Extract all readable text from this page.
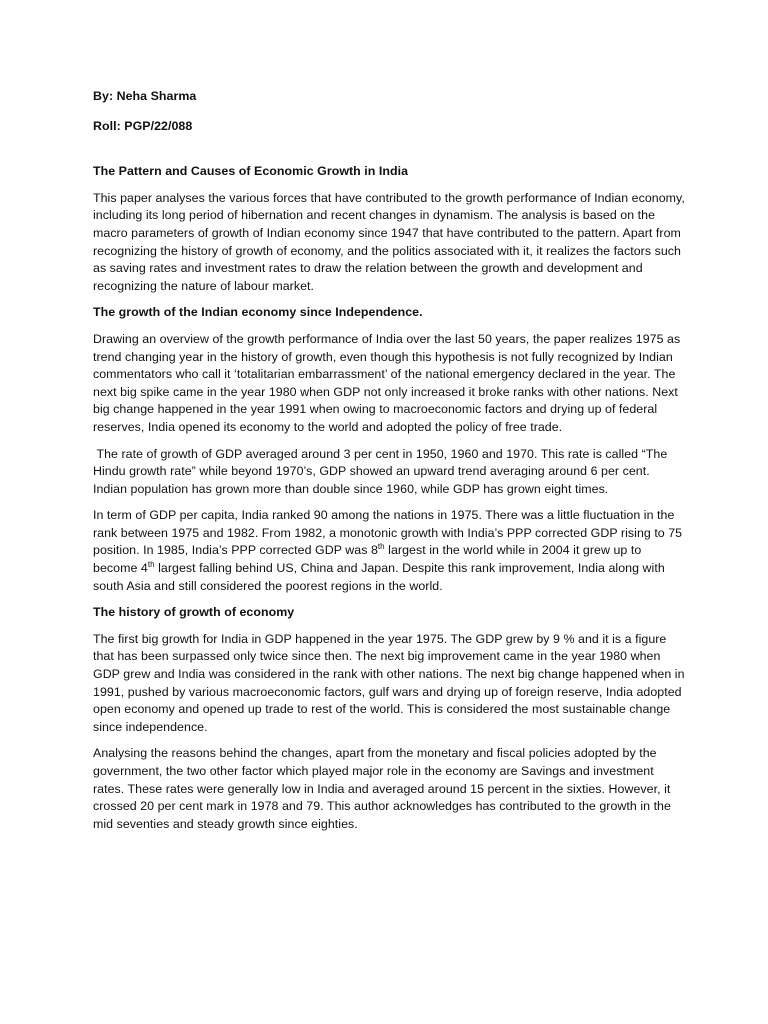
By: Neha Sharma
Roll: PGP/22/088
The Pattern and Causes of Economic Growth in India

This paper analyses the various forces that have contributed to the growth performance of Indian economy, including its long period of hibernation and recent changes in dynamism. The analysis is based on the macro parameters of growth of Indian economy since 1947 that have contributed to the pattern. Apart from recognizing the history of growth of economy, and the politics associated with it, it realizes the factors such as saving rates and investment rates to draw the relation between the growth and development and recognizing the nature of labour market.

The growth of the Indian economy since Independence.

Drawing an overview of the growth performance of India over the last 50 years, the paper realizes 1975 as trend changing year in the history of growth, even though this hypothesis is not fully recognized by Indian commentators who call it ‘totalitarian embarrassment’ of the national emergency declared in the year. The next big spike came in the year 1980 when GDP not only increased it broke ranks with other nations. Next big change happened in the year 1991 when owing to macroeconomic factors and drying up of federal reserves, India opened its economy to the world and adopted the policy of free trade.

The rate of growth of GDP averaged around 3 per cent in 1950, 1960 and 1970. This rate is called “The Hindu growth rate” while beyond 1970’s, GDP showed an upward trend averaging around 6 per cent. Indian population has grown more than double since 1960, while GDP has grown eight times.

In term of GDP per capita, India ranked 90 among the nations in 1975. There was a little fluctuation in the rank between 1975 and 1982. From 1982, a monotonic growth with India’s PPP corrected GDP rising to 75 position. In 1985, India’s PPP corrected GDP was 8th largest in the world while in 2004 it grew up to become 4th largest falling behind US, China and Japan. Despite this rank improvement, India along with south Asia and still considered the poorest regions in the world.

The history of growth of economy

The first big growth for India in GDP happened in the year 1975. The GDP grew by 9 % and it is a figure that has been surpassed only twice since then. The next big improvement came in the year 1980 when GDP grew and India was considered in the rank with other nations. The next big change happened when in 1991, pushed by various macroeconomic factors, gulf wars and drying up of foreign reserve, India adopted open economy and opened up trade to rest of the world. This is considered the most sustainable change since independence.

Analysing the reasons behind the changes, apart from the monetary and fiscal policies adopted by the government, the two other factor which played major role in the economy are Savings and investment rates. These rates were generally low in India and averaged around 15 percent in the sixties. However, it crossed 20 per cent mark in 1978 and 79. This author acknowledges has contributed to the growth in the mid seventies and steady growth since eighties.
